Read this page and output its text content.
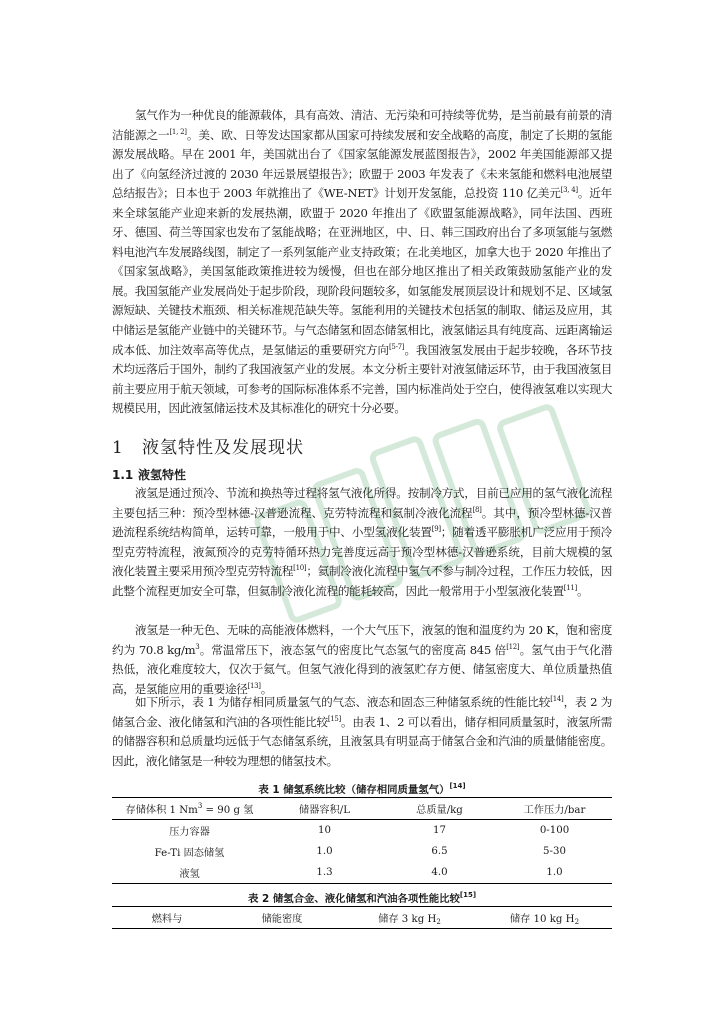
氢气作为一种优良的能源载体，具有高效、清洁、无污染和可持续等优势，是当前最有前景的清洁能源之一[1, 2]。美、欧、日等发达国家都从国家可持续发展和安全战略的高度，制定了长期的氢能源发展战略。早在 2001 年，美国就出台了《国家氢能源发展蓝图报告》，2002 年美国能源部又提出了《向氢经济过渡的 2030 年远景展望报告》；欧盟于 2003 年发表了《未来氢能和燃料电池展望总结报告》；日本也于 2003 年就推出了《WE-NET》计划开发氢能，总投资 110 亿美元[3, 4]。近年来全球氢能产业迎来新的发展热潮，欧盟于 2020 年推出了《欧盟氢能源战略》，同年法国、西班牙、德国、荷兰等国家也发布了氢能战略；在亚洲地区，中、日、韩三国政府出台了多项氢能与氢燃料电池汽车发展路线图，制定了一系列氢能产业支持政策；在北美地区，加拿大也于 2020 年推出了《国家氢战略》，美国氢能政策推进较为缓慢，但也在部分地区推出了相关政策鼓励氢能产业的发展。我国氢能产业发展尚处于起步阶段，现阶段问题较多，如氢能发展顶层设计和规划不足、区域氢源短缺、关键技术瓶颈、相关标准规范缺失等。氢能利用的关键技术包括氢的制取、储运及应用，其中储运是氢能产业链中的关键环节。与气态储氢和固态储氢相比，液氢储运具有纯度高、远距离输运成本低、加注效率高等优点，是氢储运的重要研究方向[5-7]。我国液氢发展由于起步较晚，各环节技术均远落后于国外，制约了我国液氢产业的发展。本文分析主要针对液氢储运环节，由于我国液氢目前主要应用于航天领域，可参考的国际标准体系不完善，国内标准尚处于空白，使得液氢难以实现大规模民用，因此液氢储运技术及其标准化的研究十分必要。

1 液氢特性及发展现状
1.1 液氢特性

液氢是通过预冷、节流和换热等过程将氢气液化所得。按制冷方式，目前已应用的氢气液化流程主要包括三种：预冷型林德-汉普逊流程、克劳特流程和氦制冷液化流程[8]。其中，预冷型林德-汉普逊流程系统结构简单，运转可靠，一般用于中、小型氢液化装置[9]；随着透平膨胀机广泛应用于预冷型克劳特流程，液氮预冷的克劳特循环热力完善度远高于预冷型林德-汉普逊系统，目前大规模的氢液化装置主要采用预冷型克劳特流程[10]；氦制冷液化流程中氢气不参与制冷过程，工作压力较低，因此整个流程更加安全可靠，但氦制冷液化流程的能耗较高，因此一般常用于小型氢液化装置[11]。

液氢是一种无色、无味的高能液体燃料，一个大气压下，液氢的饱和温度约为 20 K，饱和密度约为 70.8 $kg/m^3$。常温常压下，液态氢气的密度比气态氢气的密度高 845 倍[12]。氢气由于气化潜热低，液化难度较大，仅次于氦气。但氢气液化得到的液氢贮存方便、储氢密度大、单位质量热值高，是氢能应用的重要途径[13]。

如下所示，表 1 为储存相同质量氢气的气态、液态和固态三种储氢系统的性能比较[14]，表 2 为储氢合金、液化储氢和汽油的各项性能比较[15]。由表 1、2 可以看出，储存相同质量氢时，液氢所需的储器容积和总质量均远低于气态储氢系统，且液氢具有明显高于储氢合金和汽油的质量储能密度。因此，液化储氢是一种较为理想的储氢技术。

表 1 储氢系统比较（储存相同质量氢气）[14]

存储体积 1 $Nm^3 = 90$ g 氢	储器容积/L	总质量/kg	工作压力/bar
压力容器	10	17	0-100
Fe-Ti 固态储氢	1.0	6.5	5-30
液氢	1.3	4.0	1.0

表 2 储氢合金、液化储氢和汽油各项性能比较[15]

燃料与	储能密度	储存 3 kg $H_2$	储存 10 kg $H_2$
